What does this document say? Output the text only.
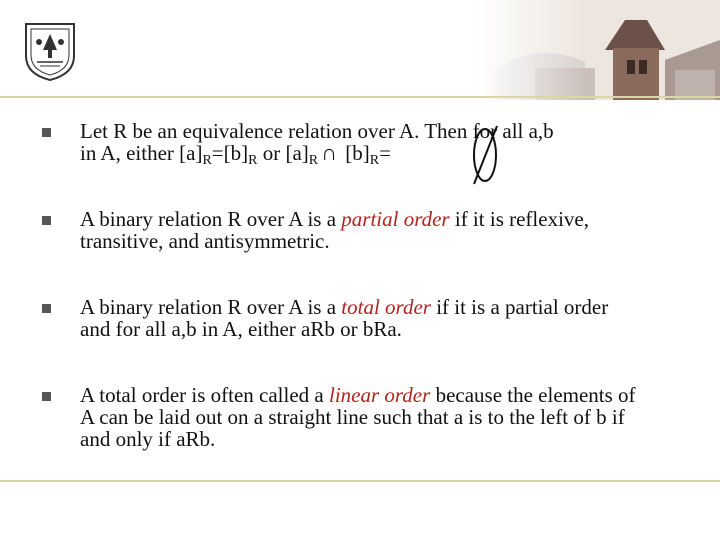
Let R be an equivalence relation over A. Then for all a,b
in A, either $[a]_R=[b]_R$ or $[a]_R$ ∩ $[b]_R=$
A binary relation R over A is a partial order if it is reflexive, transitive, and antisymmetric.
A binary relation R over A is a total order if it is a partial order and for all a,b in A, either aRb or bRa.
A total order is often called a linear order because the elements of A can be laid out on a straight line such that a is to the left of b if and only if aRb.
